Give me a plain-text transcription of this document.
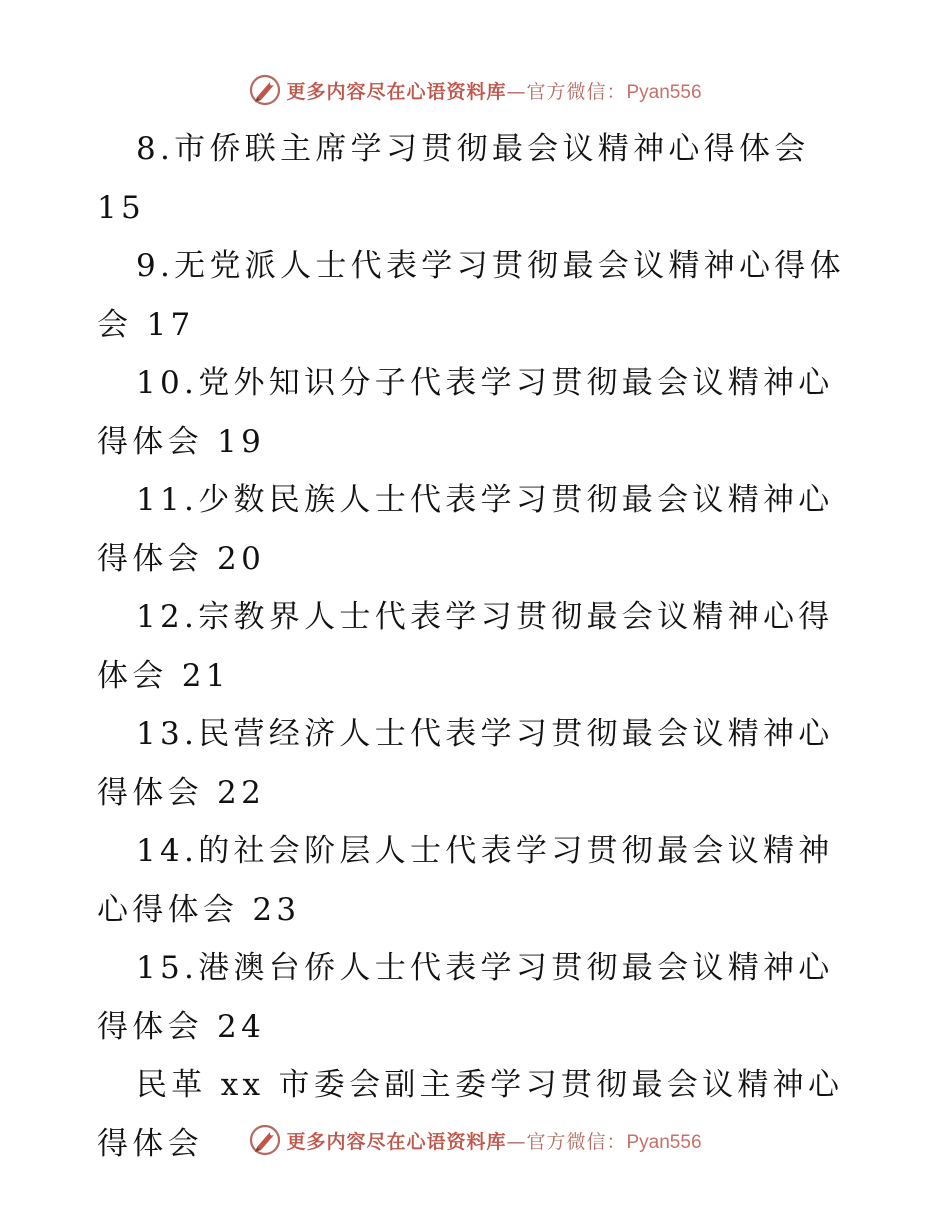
更多内容尽在心语资料库—官方微信：Pyan556

8.市侨联主席学习贯彻最会议精神心得体会 15

9.无党派人士代表学习贯彻最会议精神心得体会 17

10.党外知识分子代表学习贯彻最会议精神心得体会 19

11.少数民族人士代表学习贯彻最会议精神心得体会 20

12.宗教界人士代表学习贯彻最会议精神心得体会 21

13.民营经济人士代表学习贯彻最会议精神心得体会 22

14.的社会阶层人士代表学习贯彻最会议精神心得体会 23

15.港澳台侨人士代表学习贯彻最会议精神心得体会 24

民革 xx 市委会副主委学习贯彻最会议精神心得体会	更多内容尽在心语资料库—官方微信：Pyan556
